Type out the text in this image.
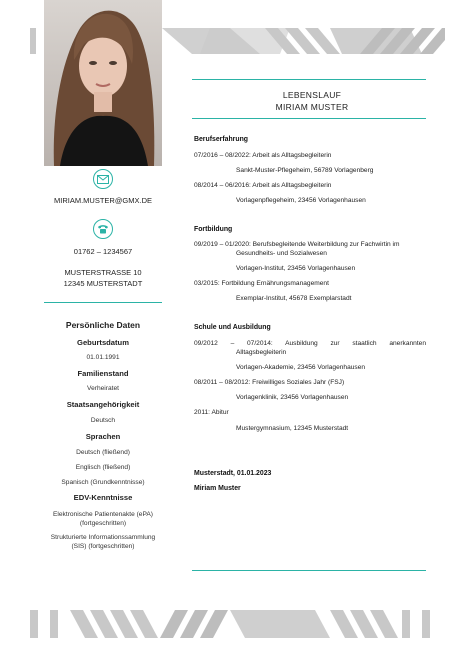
MIRIAM.MUSTER@GMX.DE
01762 – 1234567
MUSTERSTRASSE 10
12345 MUSTERSTADT
Persönliche Daten
Geburtsdatum
01.01.1991
Familienstand
Verheiratet
Staatsangehörigkeit
Deutsch
Sprachen
Deutsch (fließend)
Englisch (fließend)
Spanisch (Grundkenntnisse)
EDV-Kenntnisse
Elektronische Patientenakte (ePA)
(fortgeschritten)
Strukturierte Informationssammlung
(SIS) (fortgeschritten)
LEBENSLAUF
MIRIAM MUSTER
Berufserfahrung
07/2016 – 08/2022: Arbeit als Alltagsbegleiterin
Sankt-Muster-Pflegeheim, 56789 Vorlagenberg
08/2014 – 06/2016: Arbeit als Alltagsbegleiterin
Vorlagenpflegeheim, 23456 Vorlagenhausen
Fortbildung
09/2019 – 01/2020: Berufsbegleitende Weiterbildung zur Fachwirtin im
Gesundheits- und Sozialwesen
Vorlagen-Institut, 23456 Vorlagenhausen
03/2015: Fortbildung Ernährungsmanagement
Exemplar-Institut, 45678 Exemplarstadt
Schule und Ausbildung
09/2012 – 07/2014: Ausbildung zur staatlich anerkannten
Alltagsbegleiterin
Vorlagen-Akademie, 23456 Vorlagenhausen
08/2011 – 08/2012: Freiwilliges Soziales Jahr (FSJ)
Vorlagenklinik, 23456 Vorlagenhausen
2011: Abitur
Mustergymnasium, 12345 Musterstadt
Musterstadt, 01.01.2023
Miriam Muster
